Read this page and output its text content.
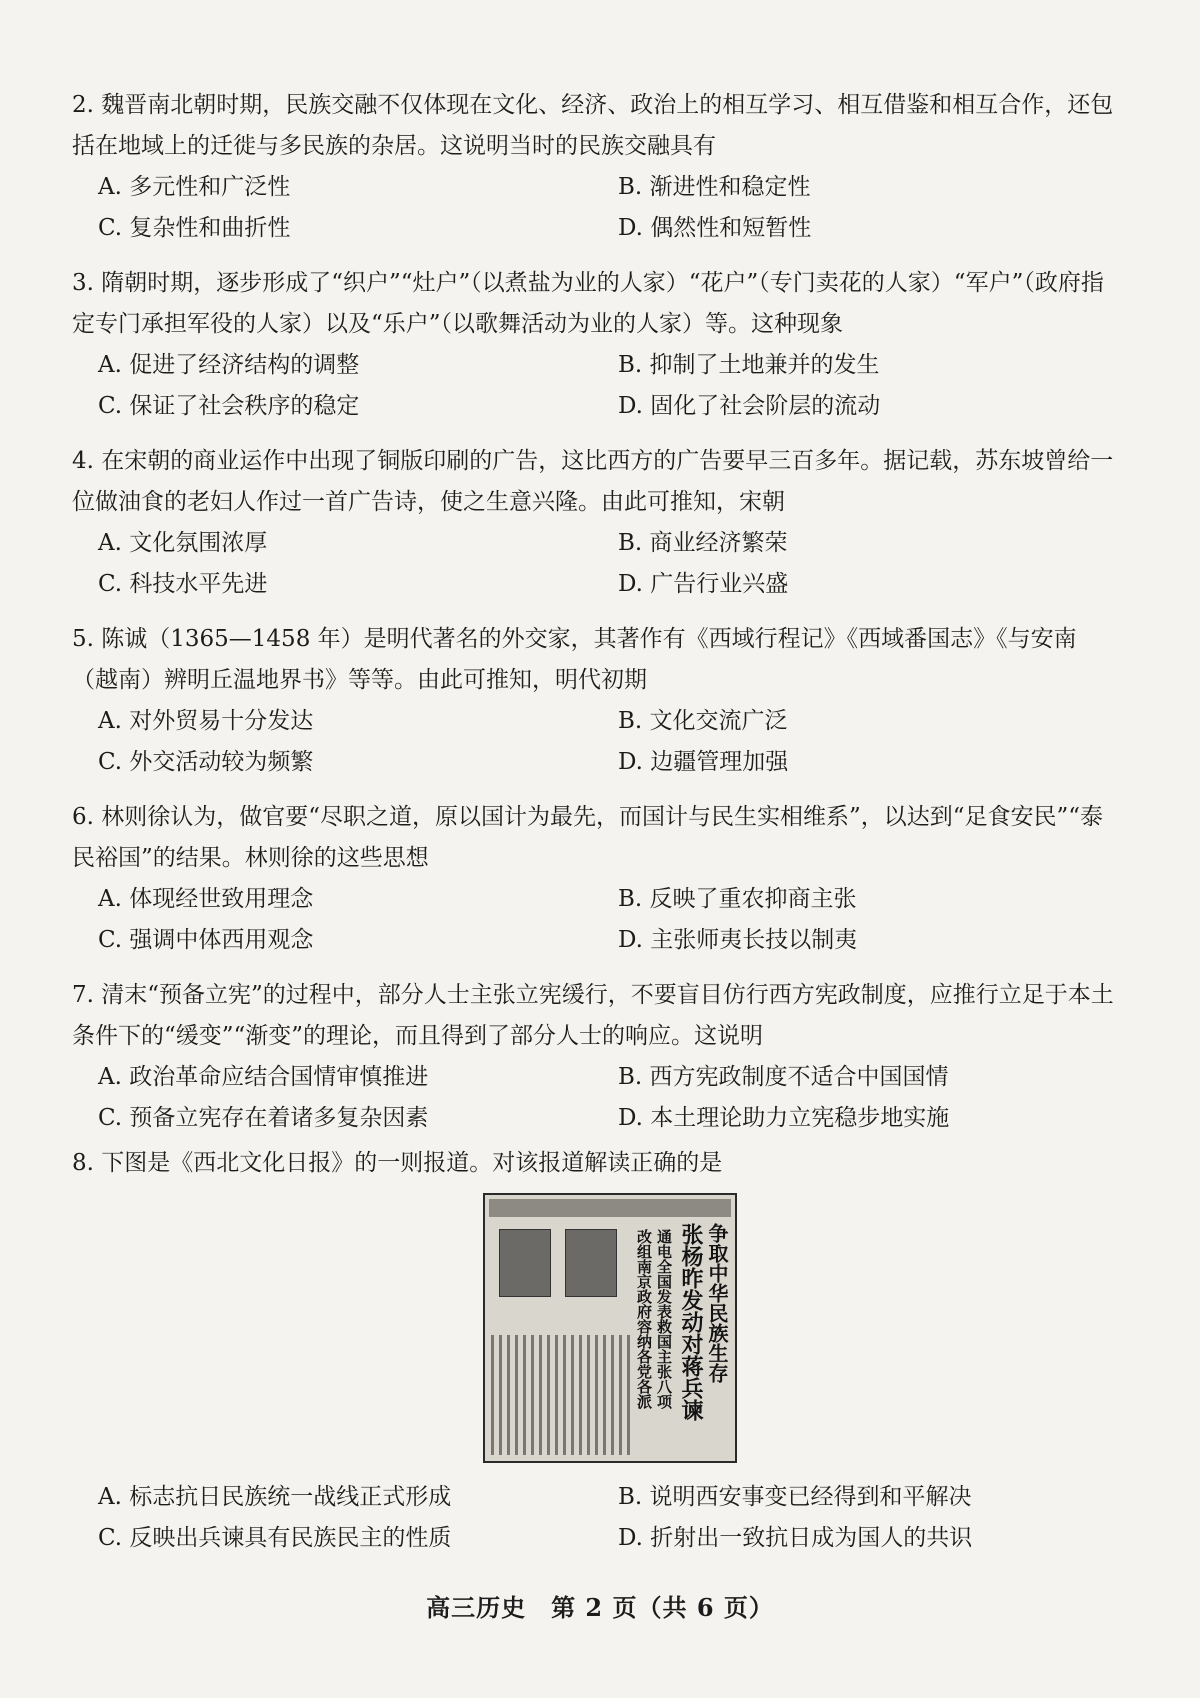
2. 魏晋南北朝时期，民族交融不仅体现在文化、经济、政治上的相互学习、相互借鉴和相互合作，还包括在地域上的迁徙与多民族的杂居。这说明当时的民族交融具有
A. 多元性和广泛性	B. 渐进性和稳定性
C. 复杂性和曲折性	D. 偶然性和短暂性
3. 隋朝时期，逐步形成了“织户”“灶户”（以煮盐为业的人家）“花户”（专门卖花的人家）“军户”（政府指定专门承担军役的人家）以及“乐户”（以歌舞活动为业的人家）等。这种现象
A. 促进了经济结构的调整	B. 抑制了土地兼并的发生
C. 保证了社会秩序的稳定	D. 固化了社会阶层的流动
4. 在宋朝的商业运作中出现了铜版印刷的广告，这比西方的广告要早三百多年。据记载，苏东坡曾给一位做油食的老妇人作过一首广告诗，使之生意兴隆。由此可推知，宋朝
A. 文化氛围浓厚	B. 商业经济繁荣
C. 科技水平先进	D. 广告行业兴盛
5. 陈诚（1365—1458 年）是明代著名的外交家，其著作有《西域行程记》《西域番国志》《与安南（越南）辨明丘温地界书》等等。由此可推知，明代初期
A. 对外贸易十分发达	B. 文化交流广泛
C. 外交活动较为频繁	D. 边疆管理加强
6. 林则徐认为，做官要“尽职之道，原以国计为最先，而国计与民生实相维系”，以达到“足食安民”“泰民裕国”的结果。林则徐的这些思想
A. 体现经世致用理念	B. 反映了重农抑商主张
C. 强调中体西用观念	D. 主张师夷长技以制夷
7. 清末“预备立宪”的过程中，部分人士主张立宪缓行，不要盲目仿行西方宪政制度，应推行立足于本土条件下的“缓变”“渐变”的理论，而且得到了部分人士的响应。这说明
A. 政治革命应结合国情审慎推进	B. 西方宪政制度不适合中国国情
C. 预备立宪存在着诸多复杂因素	D. 本土理论助力立宪稳步地实施
8. 下图是《西北文化日报》的一则报道。对该报道解读正确的是
争取中华民族生存
张杨昨发动对蒋兵谏
通电全国发表救国主张八项
改组南京政府容纳各党各派
A. 标志抗日民族统一战线正式形成	B. 说明西安事变已经得到和平解决
C. 反映出兵谏具有民族民主的性质	D. 折射出一致抗日成为国人的共识
高三历史　第 2 页（共 6 页）
